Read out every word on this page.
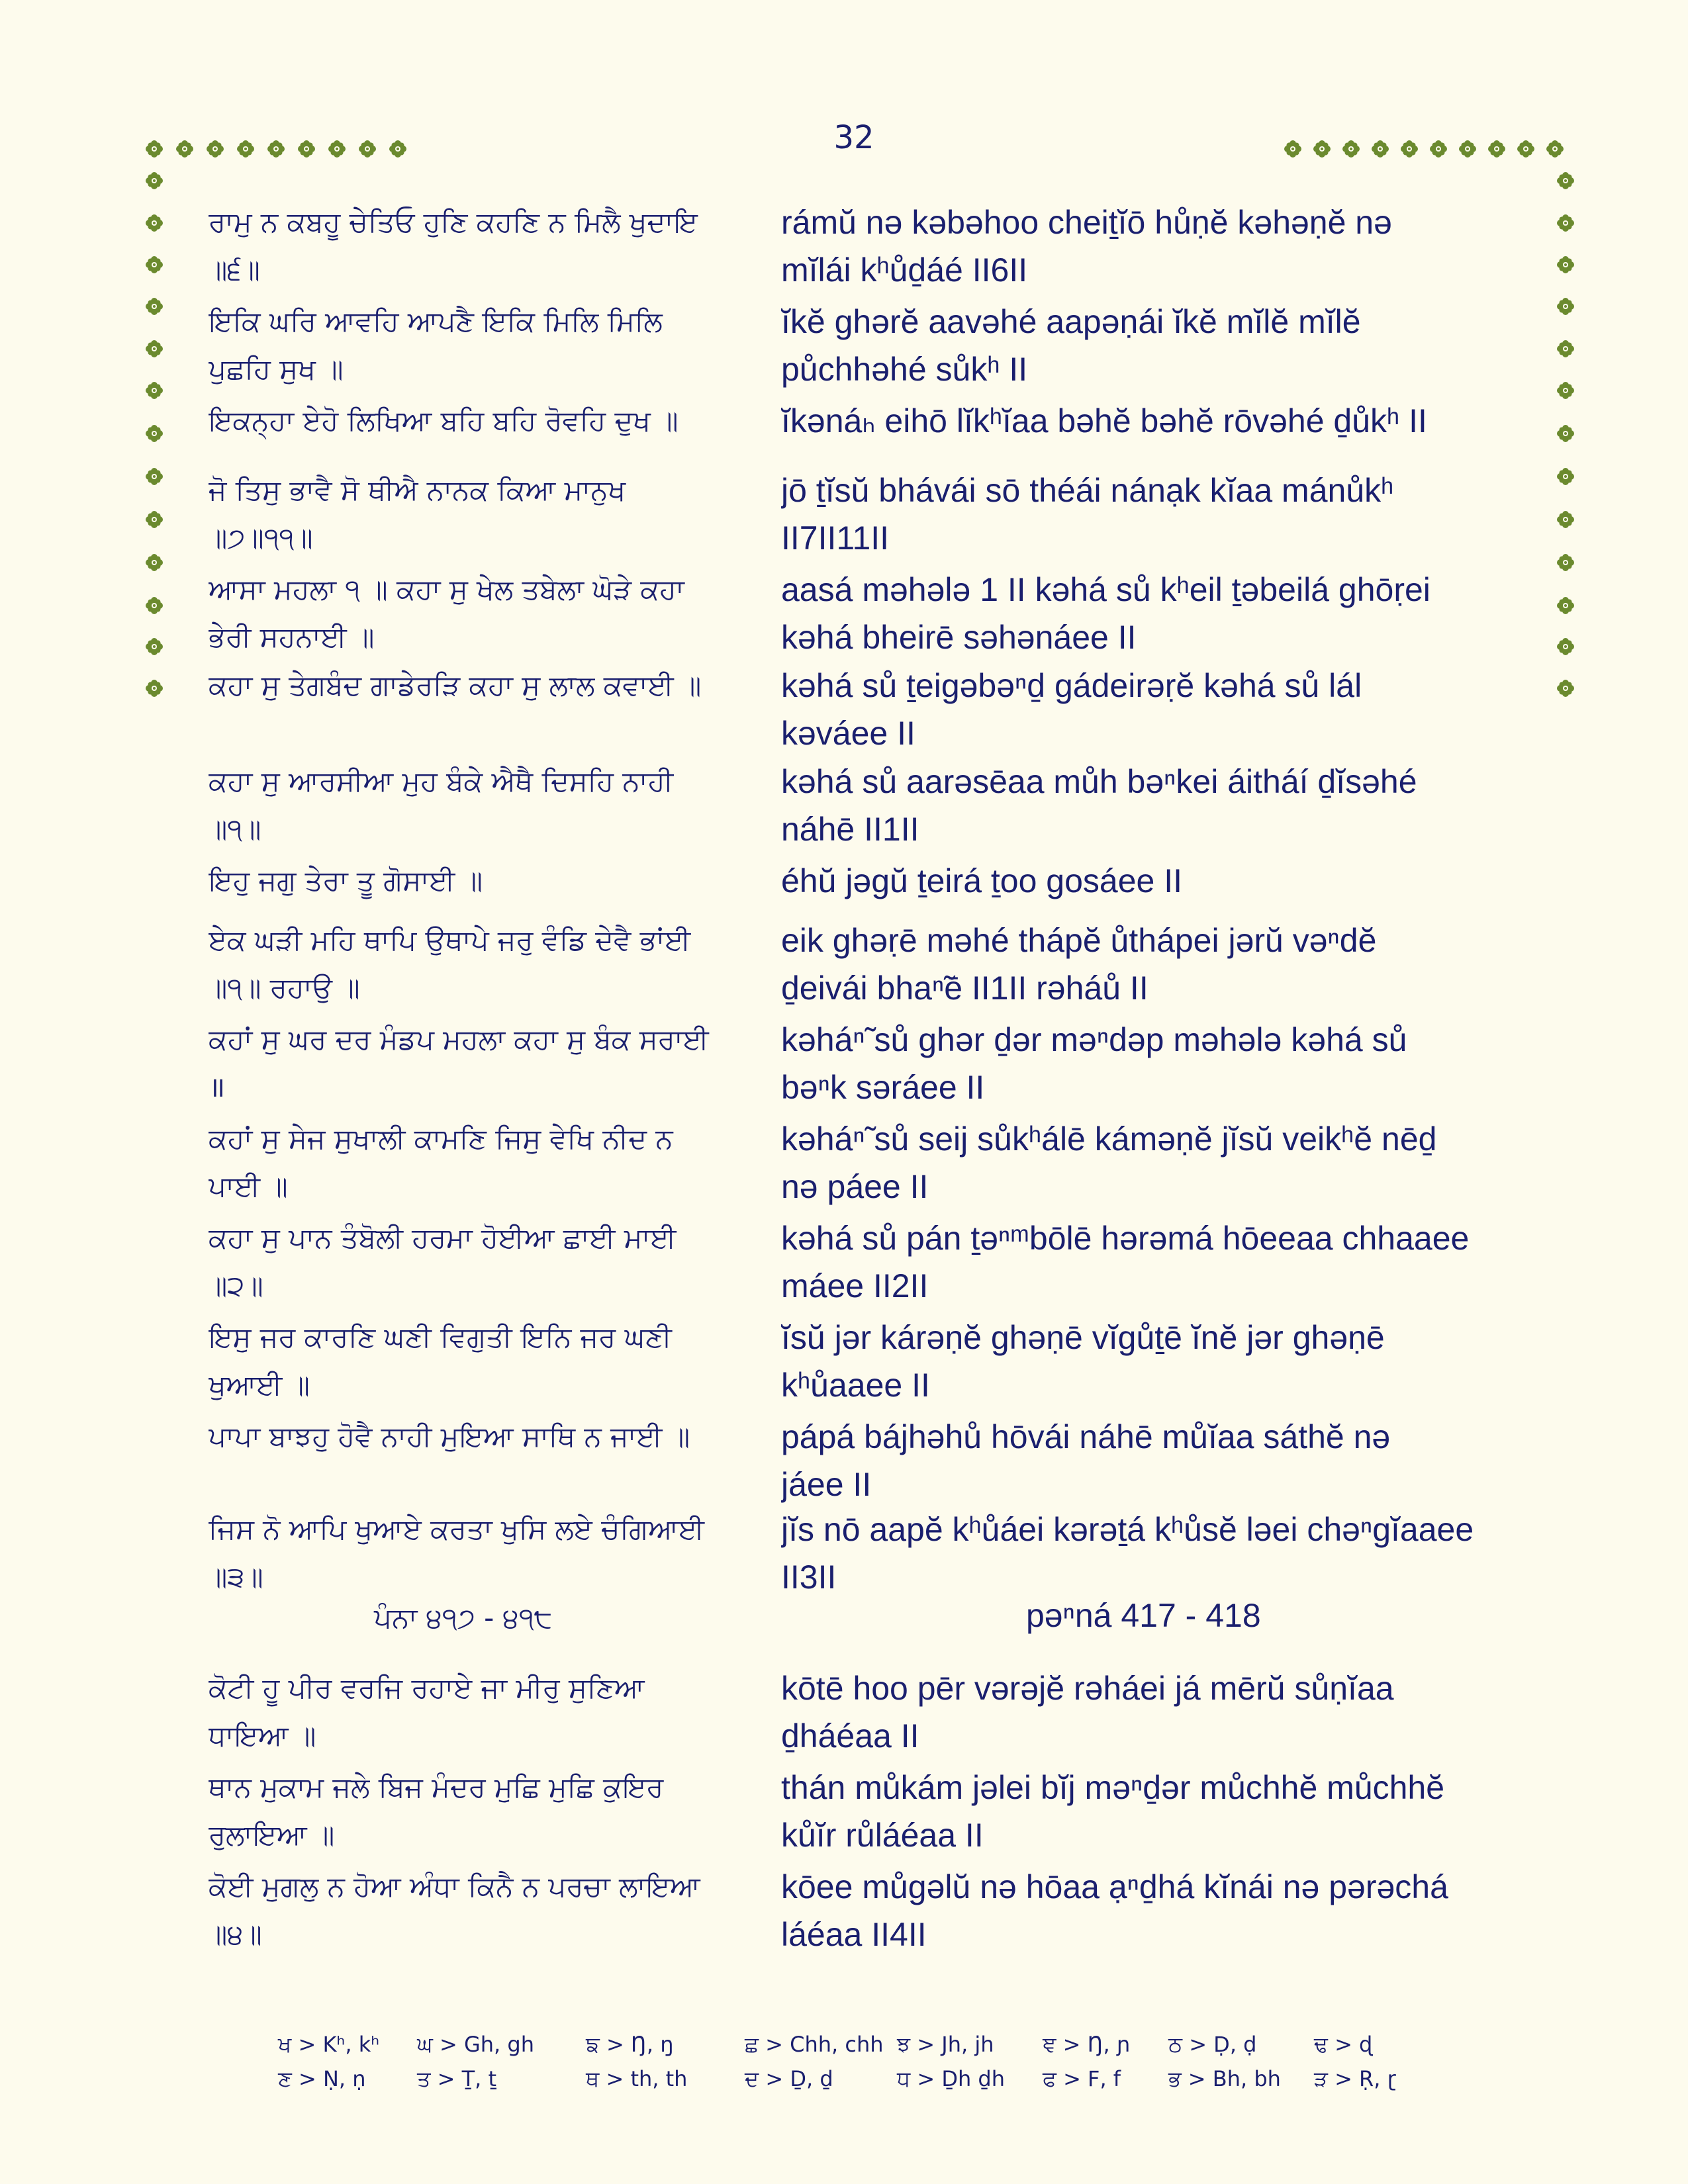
32
ਰਾਮੁ ਨ ਕਬਹੂ ਚੇਤਿਓ ਹੁਣਿ ਕਹਣਿ ਨ ਮਿਲੈ ਖੁਦਾਇ
॥੬॥
rámŭ nə kəbəhoo cheiṯĭō hůṇĕ kəhəṇĕ nə
mĭlái kʰůḏáé II6II
ਇਕਿ ਘਰਿ ਆਵਹਿ ਆਪਣੈ ਇਕਿ ਮਿਲਿ ਮਿਲਿ
ਪੁਛਹਿ ਸੁਖ ॥
ĭkĕ ghərĕ aavəhé aapəṇái ĭkĕ mĭlĕ mĭlĕ
půchhəhé sůkʰ II
ਇਕਨ੍ਹਾ ਏਹੋ ਲਿਖਿਆ ਬਹਿ ਬਹਿ ਰੋਵਹਿ ਦੁਖ ॥	ĭkənáₕ eihō lĭkʰĭaa bəhĕ bəhĕ rōvəhé ḏůkʰ II
ਜੋ ਤਿਸੁ ਭਾਵੈ ਸੋ ਥੀਐ ਨਾਨਕ ਕਿਆ ਮਾਨੁਖ
॥੭॥੧੧॥
jō ṯĭsŭ bhávái sō théái nánạk kĭaa mánůkʰ
II7II11II
ਆਸਾ ਮਹਲਾ ੧ ॥ ਕਹਾ ਸੁ ਖੇਲ ਤਬੇਲਾ ਘੋੜੇ ਕਹਾ
ਭੇਰੀ ਸਹਨਾਈ ॥
aasá məhələ 1 II kəhá sů kʰeil ṯəbeilá ghōṛei
kəhá bheirē səhənáee II
ਕਹਾ ਸੁ ਤੇਗਬੰਦ ਗਾਡੇਰੜਿ ਕਹਾ ਸੁ ਲਾਲ ਕਵਾਈ ॥	kəhá sů ṯeigəbəⁿḏ gádeirəṛĕ kəhá sů lál
kəváee II
ਕਹਾ ਸੁ ਆਰਸੀਆ ਮੁਹ ਬੰਕੇ ਐਥੈ ਦਿਸਹਿ ਨਾਹੀ
॥੧॥
kəhá sů aarəsēaa můh bəⁿkei áitháí ḏĭsəhé
náhē II1II
ਇਹੁ ਜਗੁ ਤੇਰਾ ਤੂ ਗੋਸਾਈ ॥	éhŭ jəgŭ ṯeirá ṯoo gosáee II
ਏਕ ਘੜੀ ਮਹਿ ਥਾਪਿ ਉਥਾਪੇ ਜਰੁ ਵੰਡਿ ਦੇਵੈ ਭਾਂਈ
॥੧॥ ਰਹਾਉ ॥
eik ghəṛē məhé thápĕ ůthápei jərŭ vəⁿdĕ
ḏeivái bhaⁿ̃ē II1II rəháů II
ਕਹਾਂ ਸੁ ਘਰ ਦਰ ਮੰਡਪ ਮਹਲਾ ਕਹਾ ਸੁ ਬੰਕ ਸਰਾਈ
॥
kəháⁿ̃ sů ghər ḏər məⁿdəp məhələ kəhá sů
bəⁿk səráee II
ਕਹਾਂ ਸੁ ਸੇਜ ਸੁਖਾਲੀ ਕਾਮਣਿ ਜਿਸੁ ਵੇਖਿ ਨੀਦ ਨ
ਪਾਈ ॥
kəháⁿ̃ sů seij sůkʰálē kámәṇĕ jĭsŭ veikʰĕ nēḏ
nə páee II
ਕਹਾ ਸੁ ਪਾਨ ਤੰਬੋਲੀ ਹਰਮਾ ਹੋਈਆ ਛਾਈ ਮਾਈ
॥੨॥
kəhá sů pán ṯəⁿᵐbōlē hərəmá hōeeaa chhaaee
máee II2II
ਇਸੁ ਜਰ ਕਾਰਣਿ ਘਣੀ ਵਿਗੁਤੀ ਇਨਿ ਜਰ ਘਣੀ
ਖੁਆਈ ॥
ĭsŭ jər kárəṇĕ ghəṇē vĭgůṯē ĭnĕ jər ghəṇē
kʰůaaee II
ਪਾਪਾ ਬਾਝਹੁ ਹੋਵੈ ਨਾਹੀ ਮੁਇਆ ਸਾਥਿ ਨ ਜਾਈ ॥	pápá bájhəhů hōvái náhē můĭaa sáthĕ nə
jáee II
ਜਿਸ ਨੋ ਆਪਿ ਖੁਆਏ ਕਰਤਾ ਖੁਸਿ ਲਏ ਚੰਗਿਆਈ
॥੩॥
jĭs nō aapĕ kʰůáei kərəṯá kʰůsĕ ləei chəⁿgĭaaee
II3II
ਪੰਨਾ ੪੧੭ - ੪੧੮	pəⁿná 417 - 418
ਕੋਟੀ ਹੂ ਪੀਰ ਵਰਜਿ ਰਹਾਏ ਜਾ ਮੀਰੁ ਸੁਣਿਆ
ਧਾਇਆ ॥
kōtē hoo pēr vərəjĕ rəháei já mērŭ sůṇĭaa
ḏháéaa II
ਥਾਨ ਮੁਕਾਮ ਜਲੇ ਬਿਜ ਮੰਦਰ ਮੁਛਿ ਮੁਛਿ ਕੁਇਰ
ਰੁਲਾਇਆ ॥
thán můkám jəlei bĭj məⁿḏər můchhĕ můchhĕ
kůĭr růláéaa II
ਕੋਈ ਮੁਗਲੁ ਨ ਹੋਆ ਅੰਧਾ ਕਿਨੈ ਨ ਪਰਚਾ ਲਾਇਆ
॥੪॥
kōee můgəlŭ nə hōaa ạⁿḏhá kĭnái nə pərəchá
láéaa II4II
ਖ > Kʰ, kʰ ਘ > Gh, gh ਙ > Ŋ, ŋ	ਛ > Chh, chh ਝ > Jh, jh ਞ > Ŋ, ɲ ਠ > Ḍ, ḍ	ਢ > ɖ
ਣ > Ṇ, ṇ ਤ > Ṯ, ṯ	ਥ > th, th	ਦ > Ḏ, ḏ	ਧ > Ḏh ḏh ਫ > F, f ਭ > Bh, bh ੜ > Ṛ, ɽ
